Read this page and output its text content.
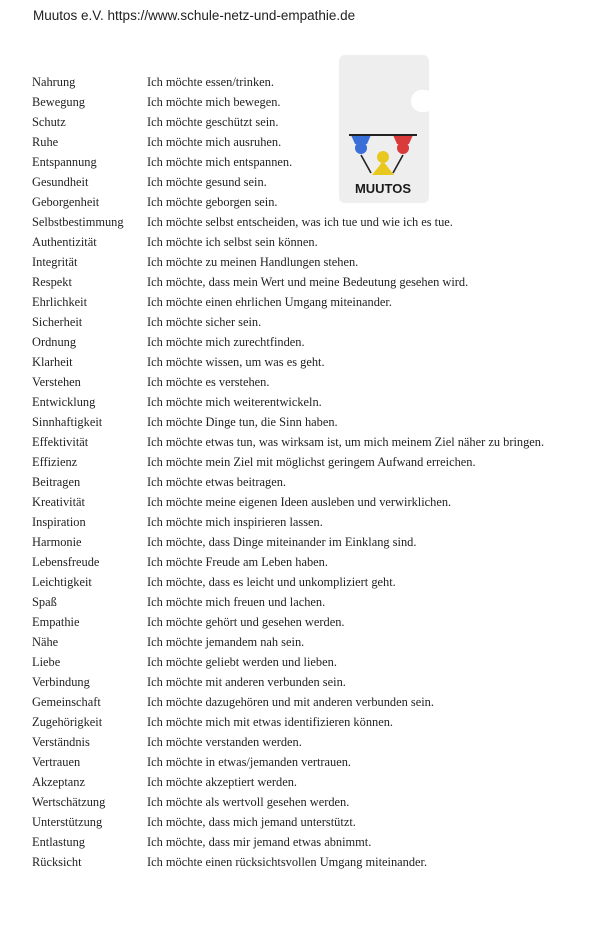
Muutos e.V. https://www.schule-netz-und-empathie.de
MUUTOS
Nahrung	Ich möchte essen/trinken.
Bewegung	Ich möchte mich bewegen.
Schutz	Ich möchte geschützt sein.
Ruhe	Ich möchte mich ausruhen.
Entspannung	Ich möchte mich entspannen.
Gesundheit	Ich möchte gesund sein.
Geborgenheit	Ich möchte geborgen sein.
Selbstbestimmung	Ich möchte selbst entscheiden, was ich tue und wie ich es tue.
Authentizität	Ich möchte ich selbst sein können.
Integrität	Ich möchte zu meinen Handlungen stehen.
Respekt	Ich möchte, dass mein Wert und meine Bedeutung gesehen wird.
Ehrlichkeit	Ich möchte einen ehrlichen Umgang miteinander.
Sicherheit	Ich möchte sicher sein.
Ordnung	Ich möchte mich zurechtfinden.
Klarheit	Ich möchte wissen, um was es geht.
Verstehen	Ich möchte es verstehen.
Entwicklung	Ich möchte mich weiterentwickeln.
Sinnhaftigkeit	Ich möchte Dinge tun, die Sinn haben.
Effektivität	Ich möchte etwas tun, was wirksam ist, um mich meinem Ziel näher zu bringen.
Effizienz	Ich möchte mein Ziel mit möglichst geringem Aufwand erreichen.
Beitragen	Ich möchte etwas beitragen.
Kreativität	Ich möchte meine eigenen Ideen ausleben und verwirklichen.
Inspiration	Ich möchte mich inspirieren lassen.
Harmonie	Ich möchte, dass Dinge miteinander im Einklang sind.
Lebensfreude	Ich möchte Freude am Leben haben.
Leichtigkeit	Ich möchte, dass es leicht und unkompliziert geht.
Spaß	Ich möchte mich freuen und lachen.
Empathie	Ich möchte gehört und gesehen werden.
Nähe	Ich möchte jemandem nah sein.
Liebe	Ich möchte geliebt werden und lieben.
Verbindung	Ich möchte mit anderen verbunden sein.
Gemeinschaft	Ich möchte dazugehören und mit anderen verbunden sein.
Zugehörigkeit	Ich möchte mich mit etwas identifizieren können.
Verständnis	Ich möchte verstanden werden.
Vertrauen	Ich möchte in etwas/jemanden vertrauen.
Akzeptanz	Ich möchte akzeptiert werden.
Wertschätzung	Ich möchte als wertvoll gesehen werden.
Unterstützung	Ich möchte, dass mich jemand unterstützt.
Entlastung	Ich möchte, dass mir jemand etwas abnimmt.
Rücksicht	Ich möchte einen rücksichtsvollen Umgang miteinander.
